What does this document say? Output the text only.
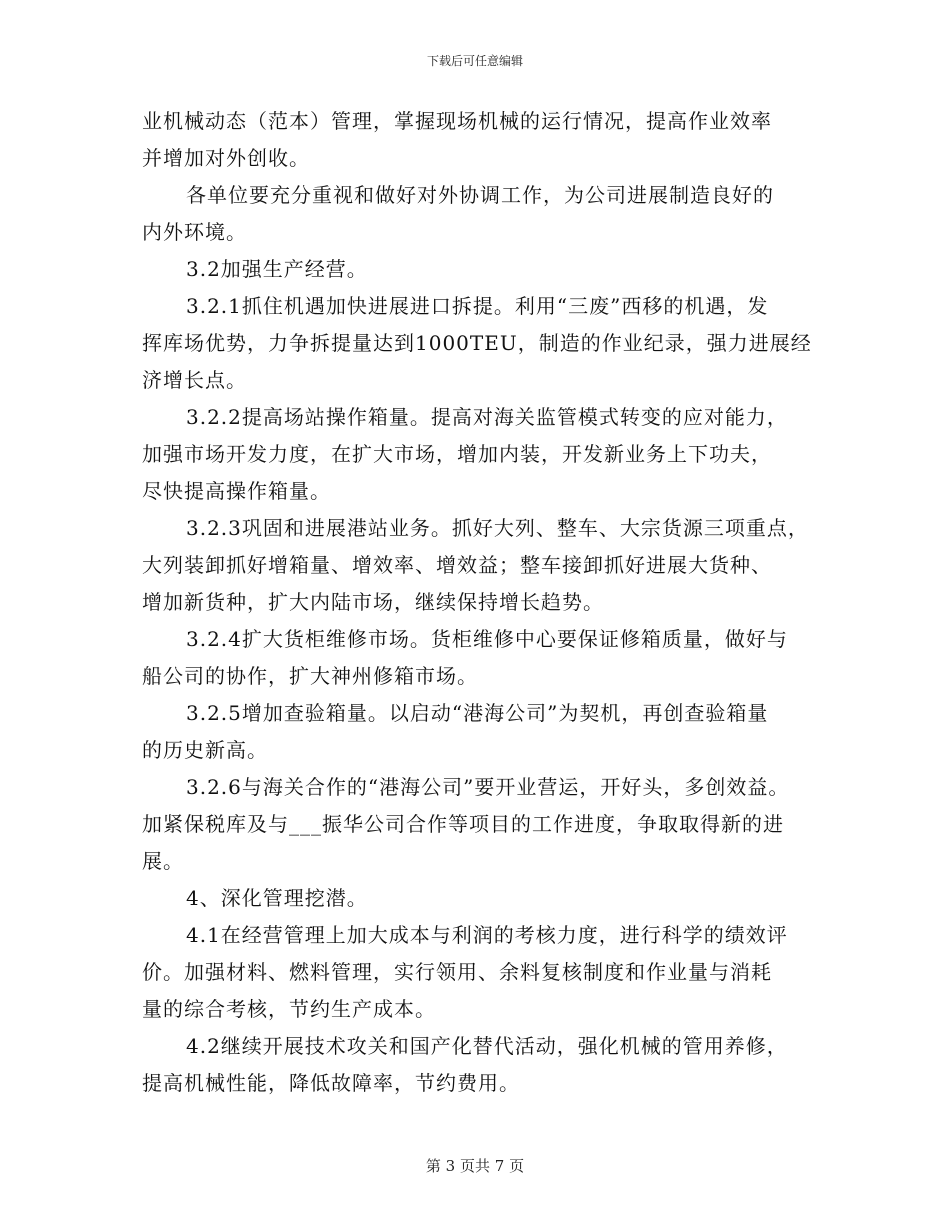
下载后可任意编辑
业机械动态（范本）管理，掌握现场机械的运行情况，提高作业效率
并增加对外创收。
各单位要充分重视和做好对外协调工作，为公司进展制造良好的
内外环境。
3.2加强生产经营。
3.2.1抓住机遇加快进展进口拆提。利用“三废”西移的机遇，发
挥库场优势，力争拆提量达到1000TEU，制造的作业纪录，强力进展经
济增长点。
3.2.2提高场站操作箱量。提高对海关监管模式转变的应对能力，
加强市场开发力度，在扩大市场，增加内装，开发新业务上下功夫，
尽快提高操作箱量。
3.2.3巩固和进展港站业务。抓好大列、整车、大宗货源三项重点，
大列装卸抓好增箱量、增效率、增效益；整车接卸抓好进展大货种、
增加新货种，扩大内陆市场，继续保持增长趋势。
3.2.4扩大货柜维修市场。货柜维修中心要保证修箱质量，做好与
船公司的协作，扩大神州修箱市场。
3.2.5增加查验箱量。以启动“港海公司”为契机，再创查验箱量
的历史新高。
3.2.6与海关合作的“港海公司”要开业营运，开好头，多创效益。
加紧保税库及与___振华公司合作等项目的工作进度，争取取得新的进
展。
4、深化管理挖潜。
4.1在经营管理上加大成本与利润的考核力度，进行科学的绩效评
价。加强材料、燃料管理，实行领用、余料复核制度和作业量与消耗
量的综合考核，节约生产成本。
4.2继续开展技术攻关和国产化替代活动，强化机械的管用养修，
提高机械性能，降低故障率，节约费用。
第 3 页共 7 页
